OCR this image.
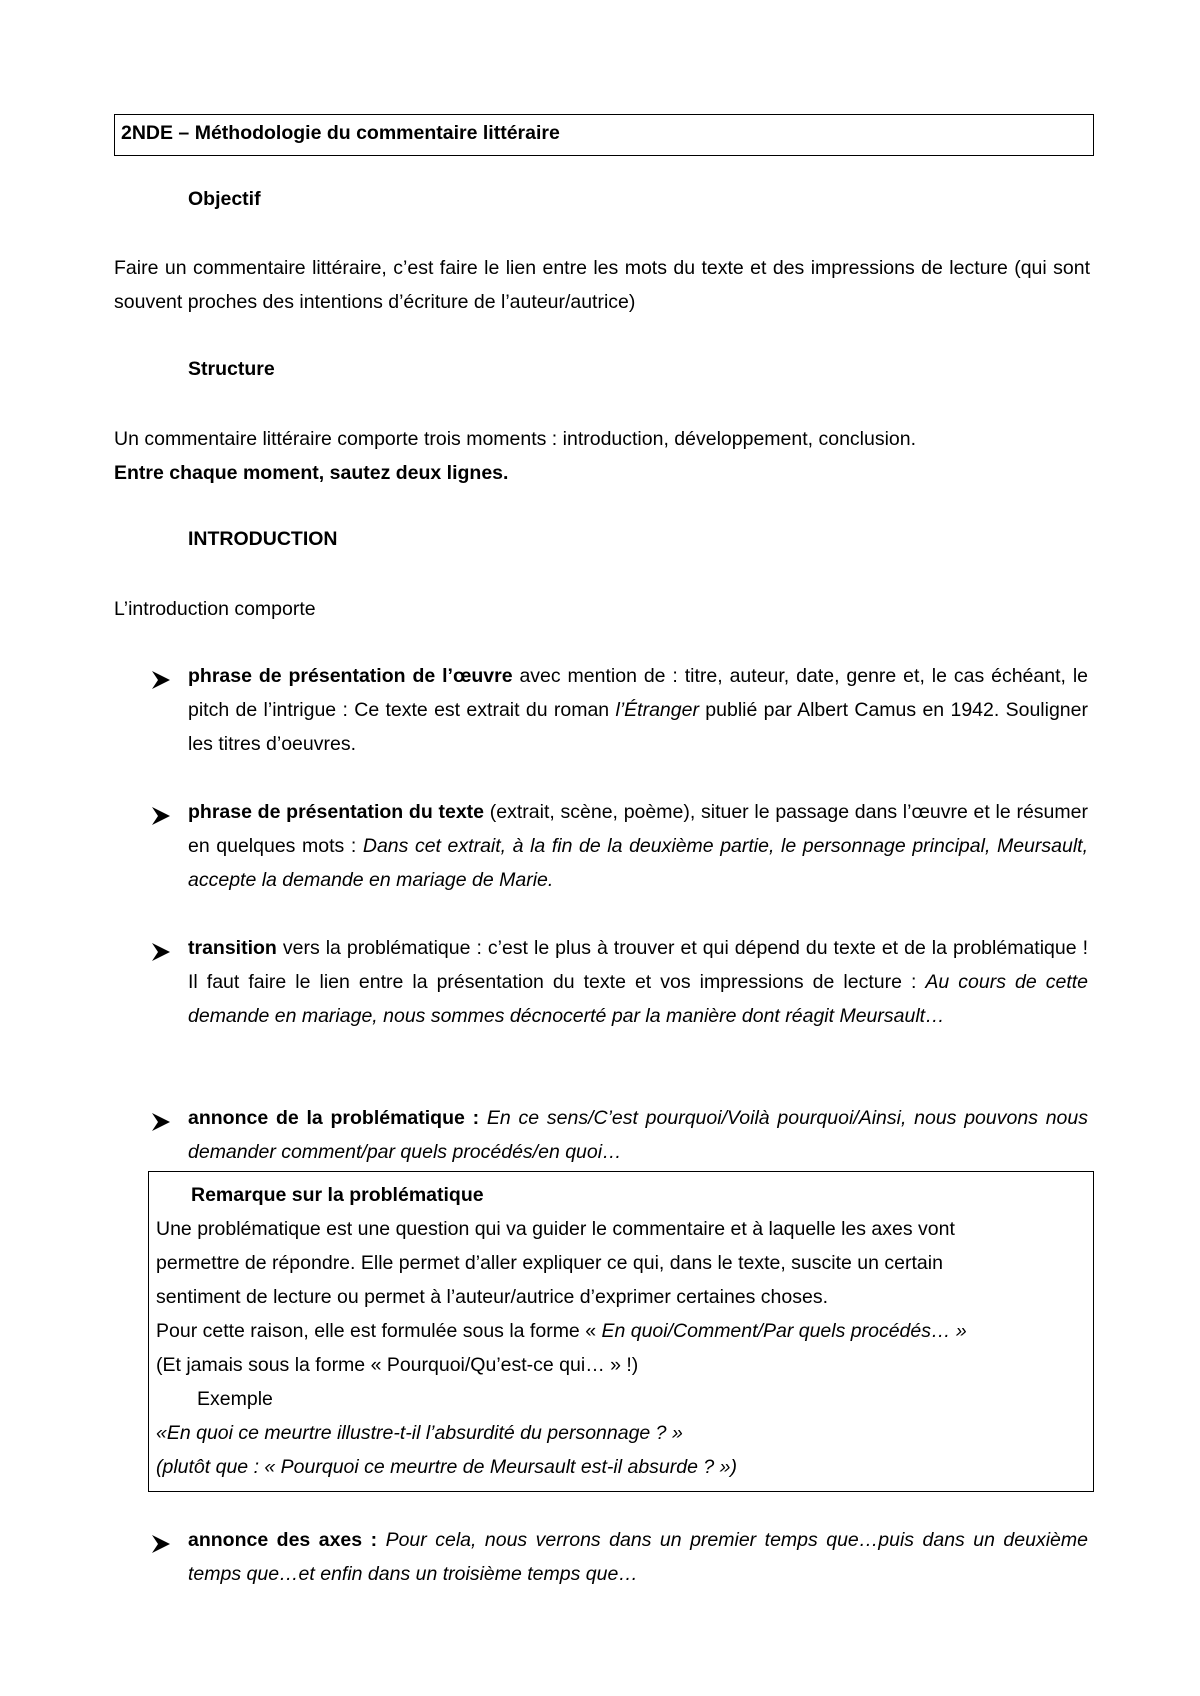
2NDE – Méthodologie du commentaire littéraire
Objectif
Faire un commentaire littéraire, c’est faire le lien entre les mots du texte et des impressions de lecture (qui sont souvent proches des intentions d’écriture de l’auteur/autrice)
Structure
Un commentaire littéraire comporte trois moments : introduction, développement, conclusion.
Entre chaque moment, sautez deux lignes.
INTRODUCTION
L’introduction comporte
phrase de présentation de l’œuvre avec mention de : titre, auteur, date, genre et, le cas échéant, le pitch de l’intrigue : Ce texte est extrait du roman l’Étranger publié par Albert Camus en 1942. Souligner les titres d’oeuvres.
phrase de présentation du texte (extrait, scène, poème), situer le passage dans l’œuvre et le résumer en quelques mots : Dans cet extrait, à la fin de la deuxième partie, le personnage principal, Meursault, accepte la demande en mariage de Marie.
transition vers la problématique : c’est le plus à trouver et qui dépend du texte et de la problématique ! Il faut faire le lien entre la présentation du texte et vos impressions de lecture : Au cours de cette demande en mariage, nous sommes décnocerté par la manière dont réagit Meursault…
annonce de la problématique : En ce sens/C’est pourquoi/Voilà pourquoi/Ainsi, nous pouvons nous demander comment/par quels procédés/en quoi…
Remarque sur la problématique
Une problématique est une question qui va guider le commentaire et à laquelle les axes vont
permettre de répondre. Elle permet d’aller expliquer ce qui, dans le texte, suscite un certain
sentiment de lecture ou permet à l’auteur/autrice d’exprimer certaines choses.
Pour cette raison, elle est formulée sous la forme « En quoi/Comment/Par quels procédés… »
(Et jamais sous la forme « Pourquoi/Qu’est-ce qui… » !)
Exemple
«En quoi ce meurtre illustre-t-il l’absurdité du personnage ? »
(plutôt que : « Pourquoi ce meurtre de Meursault est-il absurde ? »)
annonce des axes : Pour cela, nous verrons dans un premier temps que…puis dans un deuxième temps que…et enfin dans un troisième temps que…
